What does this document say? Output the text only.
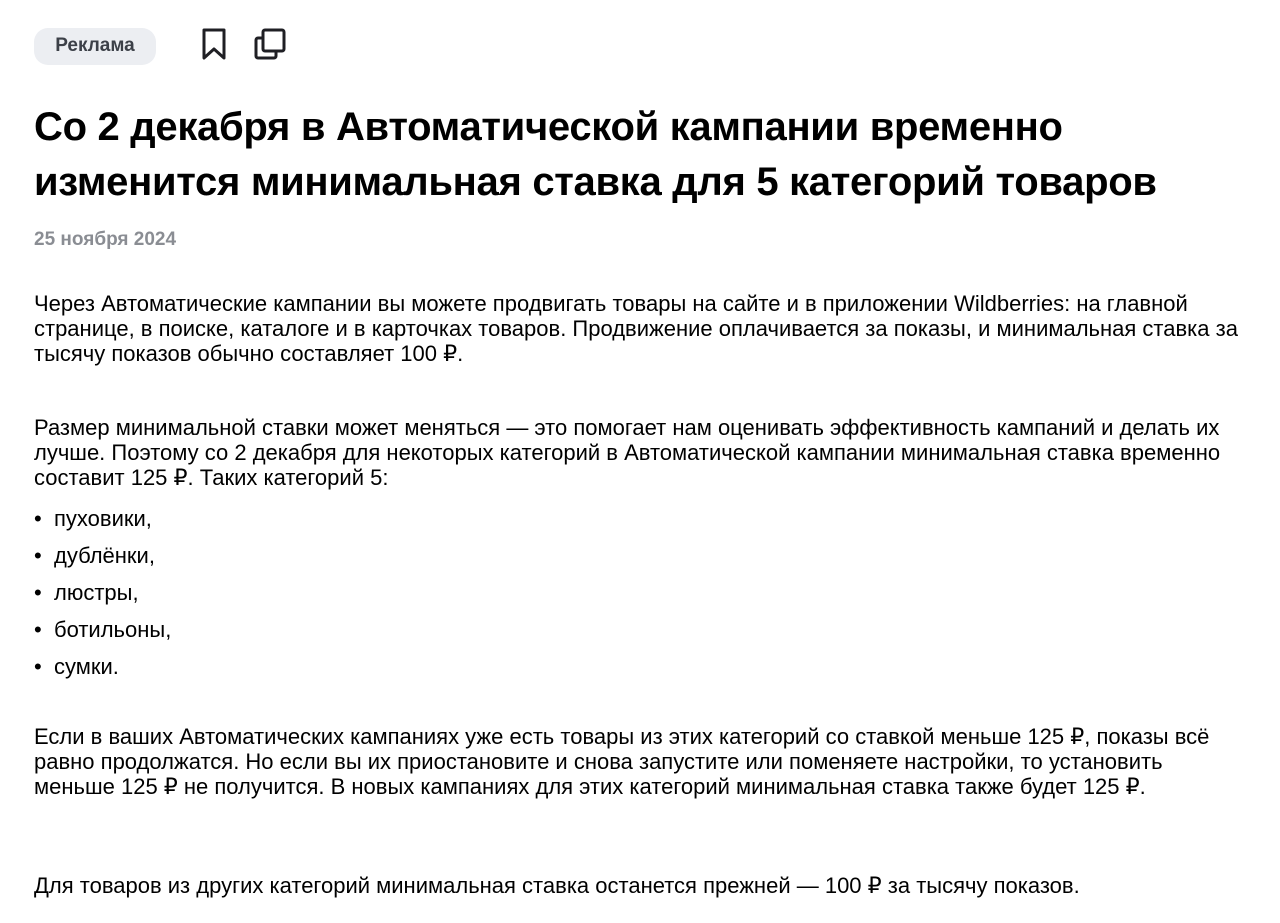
Реклама
Со 2 декабря в Автоматической кампании временно изменится минимальная ставка для 5 категорий товаров

25 ноября 2024

Через Автоматические кампании вы можете продвигать товары на сайте и в приложении Wildberries: на главной странице, в поиске, каталоге и в карточках товаров. Продвижение оплачивается за показы, и минимальная ставка за тысячу показов обычно составляет 100 ₽.

Размер минимальной ставки может меняться — это помогает нам оценивать эффективность кампаний и делать их лучше. Поэтому со 2 декабря для некоторых категорий в Автоматической кампании минимальная ставка временно составит 125 ₽. Таких категорий 5:

• пуховики,
• дублёнки,
• люстры,
• ботильоны,
• сумки.

Если в ваших Автоматических кампаниях уже есть товары из этих категорий со ставкой меньше 125 ₽, показы всё равно продолжатся. Но если вы их приостановите и снова запустите или поменяете настройки, то установить меньше 125 ₽ не получится. В новых кампаниях для этих категорий минимальная ставка также будет 125 ₽.

Для товаров из других категорий минимальная ставка останется прежней — 100 ₽ за тысячу показов.
